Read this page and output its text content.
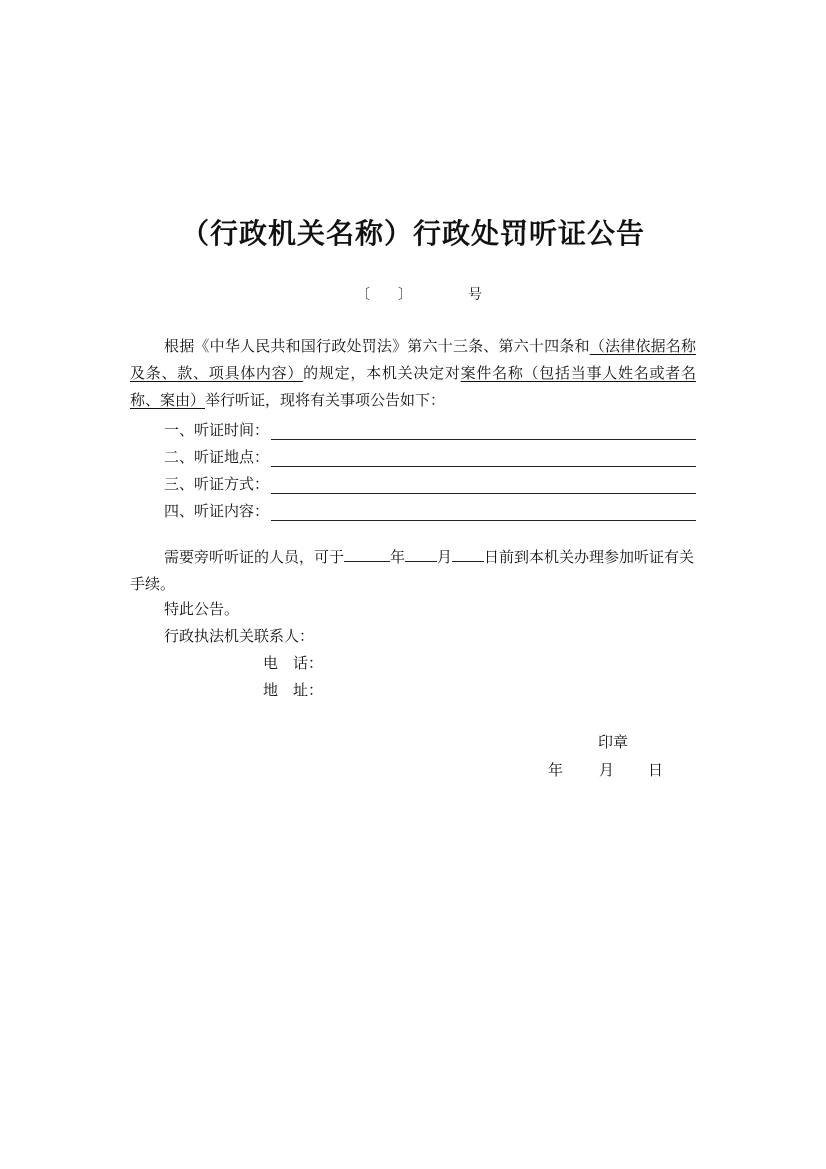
（行政机关名称）行政处罚听证公告
〔　　〕	号
根据《中华人民共和国行政处罚法》第六十三条、第六十四条和（法律依据名称及条、款、项具体内容）的规定，本机关决定对案件名称（包括当事人姓名或者名称、案由）举行听证，现将有关事项公告如下：
一、听证时间：
二、听证地点：
三、听证方式：
四、听证内容：
需要旁听听证的人员，可于	年 月 日前到本机关办理参加听证有关手续。
特此公告。
行政执法机关联系人：
电　话：
地　址：
印章
年 月 日
